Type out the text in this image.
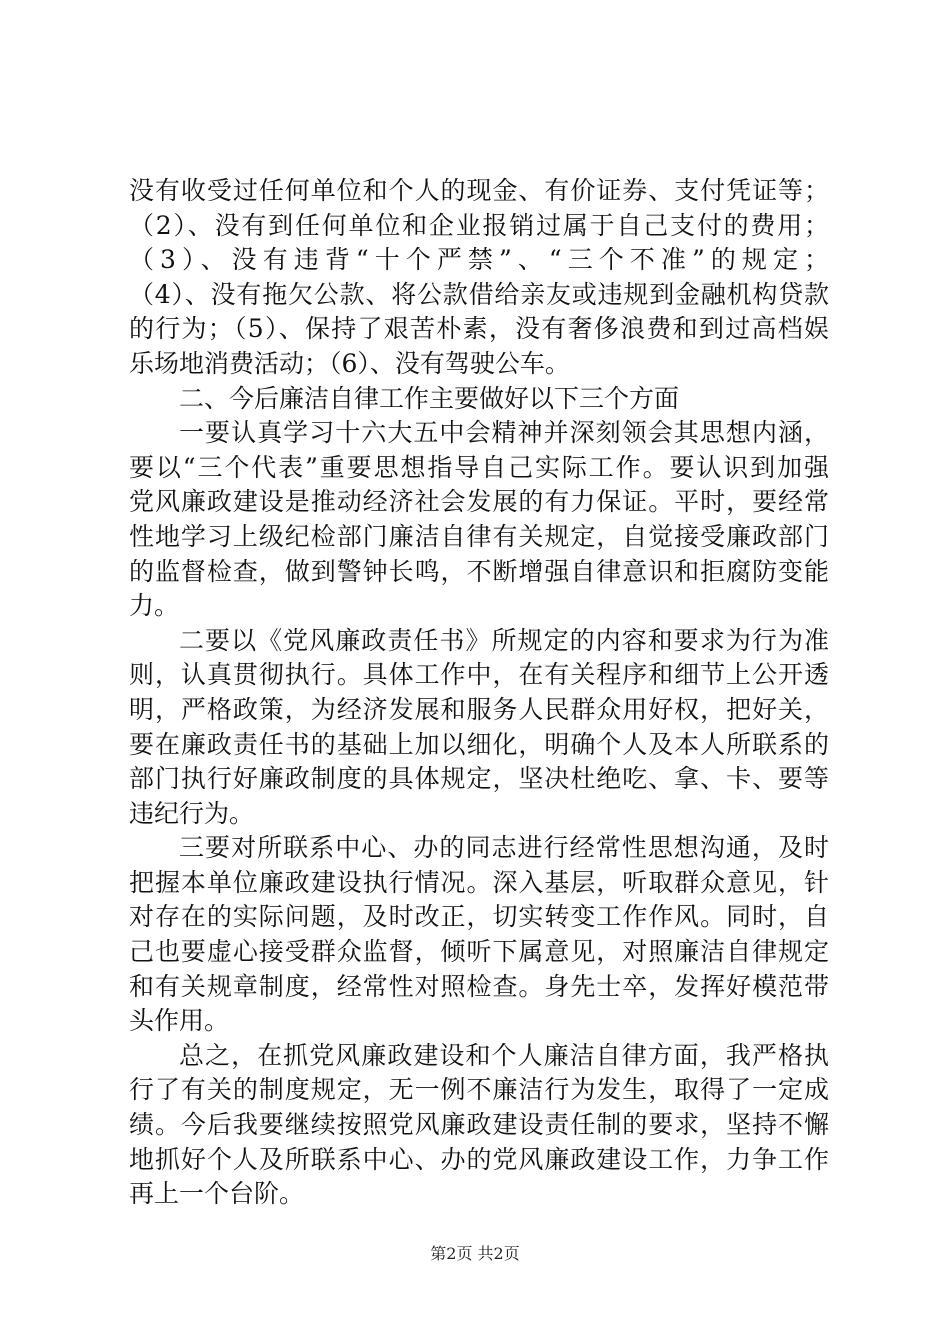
没有收受过任何单位和个人的现金、有价证券、支付凭证等；
（2）、没有到任何单位和企业报销过属于自己支付的费用；
（3）、没有违背“十个严禁”、“三个不准”的规定；
（4）、没有拖欠公款、将公款借给亲友或违规到金融机构贷款
的行为；（5）、保持了艰苦朴素，没有奢侈浪费和到过高档娱
乐场地消费活动；（6）、没有驾驶公车。
二、今后廉洁自律工作主要做好以下三个方面
一要认真学习十六大五中会精神并深刻领会其思想内涵，
要以“三个代表”重要思想指导自己实际工作。要认识到加强
党风廉政建设是推动经济社会发展的有力保证。平时，要经常
性地学习上级纪检部门廉洁自律有关规定，自觉接受廉政部门
的监督检查，做到警钟长鸣，不断增强自律意识和拒腐防变能
力。
二要以《党风廉政责任书》所规定的内容和要求为行为准
则，认真贯彻执行。具体工作中，在有关程序和细节上公开透
明，严格政策，为经济发展和服务人民群众用好权，把好关，
要在廉政责任书的基础上加以细化，明确个人及本人所联系的
部门执行好廉政制度的具体规定，坚决杜绝吃、拿、卡、要等
违纪行为。
三要对所联系中心、办的同志进行经常性思想沟通，及时
把握本单位廉政建设执行情况。深入基层，听取群众意见，针
对存在的实际问题，及时改正，切实转变工作作风。同时，自
己也要虚心接受群众监督，倾听下属意见，对照廉洁自律规定
和有关规章制度，经常性对照检查。身先士卒，发挥好模范带
头作用。
总之，在抓党风廉政建设和个人廉洁自律方面，我严格执
行了有关的制度规定，无一例不廉洁行为发生，取得了一定成
绩。今后我要继续按照党风廉政建设责任制的要求，坚持不懈
地抓好个人及所联系中心、办的党风廉政建设工作，力争工作
再上一个台阶。
第2页 共2页
